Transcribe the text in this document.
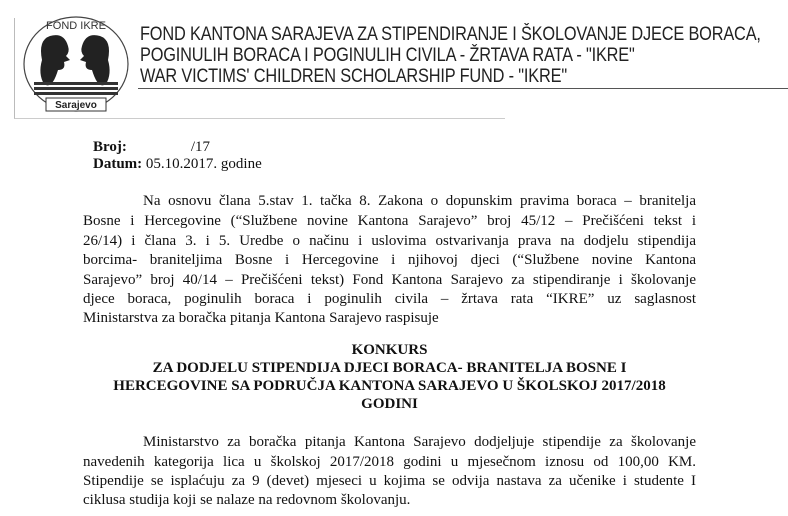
Sarajevo
FOND IKRE FOND KANTONA SARAJEVA ZA STIPENDIRANJE I ŠKOLOVANJE DJECE BORACA,
POGINULIH BORACA I POGINULIH CIVILA - ŽRTAVA RATA - "IKRE"
WAR VICTIMS' CHILDREN SCHOLARSHIP FUND - "IKRE"
Broj:	/17
Datum: 05.10.2017. godine
Na osnovu člana 5.stav 1. tačka 8. Zakona o dopunskim pravima boraca – branitelja
Bosne i Hercegovine (“Službene novine Kantona Sarajevo” broj 45/12 – Prečišćeni tekst i
26/14) i člana 3. i 5. Uredbe o načinu i uslovima ostvarivanja prava na dodjelu stipendija
borcima- braniteljima Bosne i Hercegovine i njihovoj djeci (“Službene novine Kantona
Sarajevo” broj 40/14 – Prečišćeni tekst) Fond Kantona Sarajevo za stipendiranje i školovanje
djece boraca, poginulih boraca i poginulih civila – žrtava rata “IKRE” uz saglasnost
Ministarstva za boračka pitanja Kantona Sarajevo raspisuje
KONKURS
ZA DODJELU STIPENDIJA DJECI BORACA- BRANITELJA BOSNE I
HERCEGOVINE SA PODRUČJA KANTONA SARAJEVO U ŠKOLSKOJ 2017/2018
GODINI
Ministarstvo za boračka pitanja Kantona Sarajevo dodjeljuje stipendije za školovanje
navedenih kategorija lica u školskoj 2017/2018 godini u mjesečnom iznosu od 100,00 KM.
Stipendije se isplaćuju za 9 (devet) mjeseci u kojima se odvija nastava za učenike i studente I
ciklusa studija koji se nalaze na redovnom školovanju.
